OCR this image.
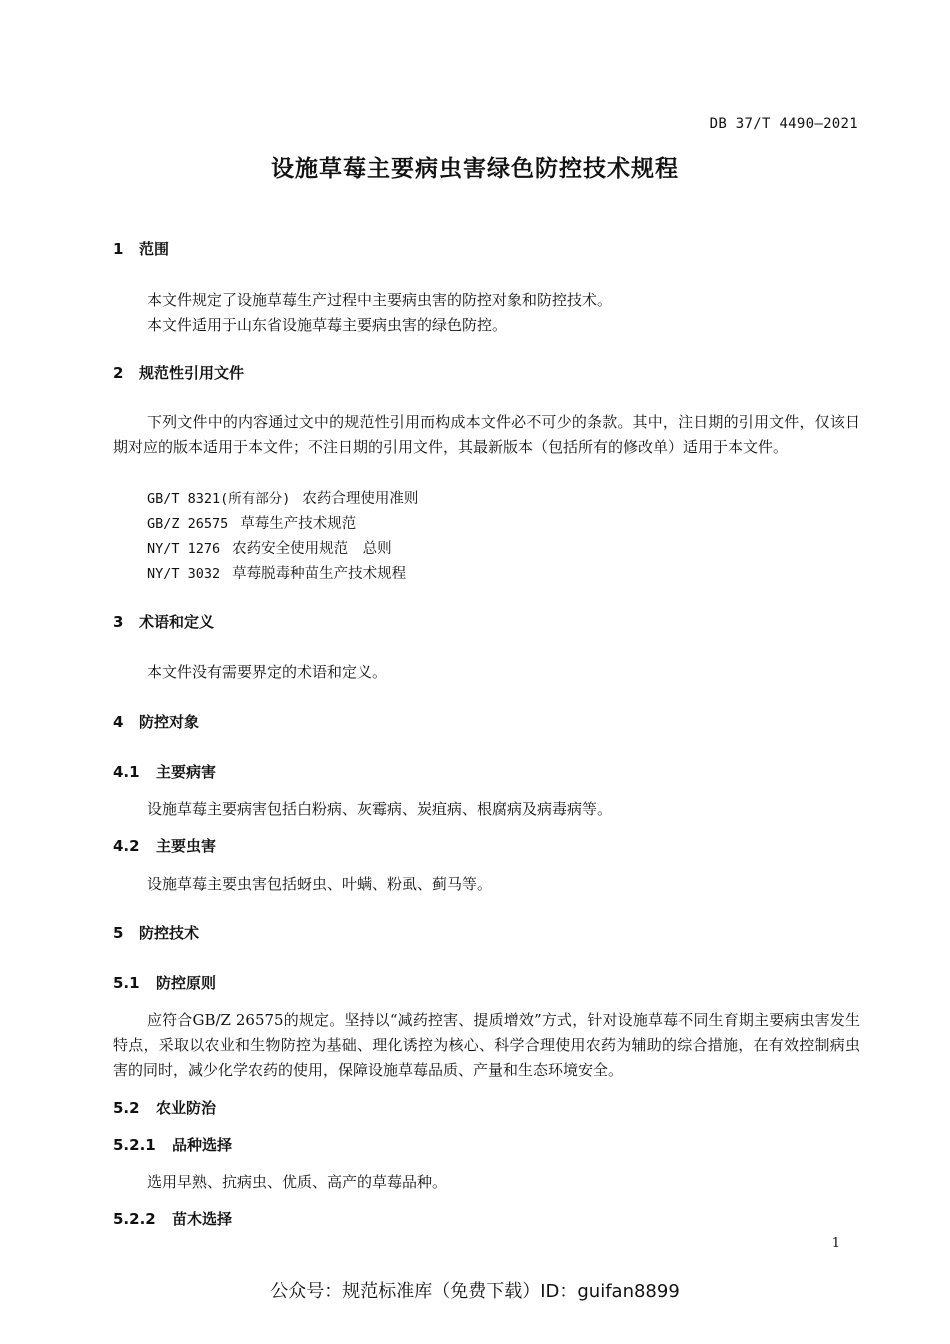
DB 37/T 4490—2021
设施草莓主要病虫害绿色防控技术规程
1 范围
本文件规定了设施草莓生产过程中主要病虫害的防控对象和防控技术。
本文件适用于山东省设施草莓主要病虫害的绿色防控。
2 规范性引用文件
下列文件中的内容通过文中的规范性引用而构成本文件必不可少的条款。其中，注日期的引用文件，仅该日期对应的版本适用于本文件；不注日期的引用文件，其最新版本（包括所有的修改单）适用于本文件。
GB/T 8321(所有部分) 农药合理使用准则
GB/Z 26575 草莓生产技术规范
NY/T 1276 农药安全使用规范　总则
NY/T 3032 草莓脱毒种苗生产技术规程
3 术语和定义
本文件没有需要界定的术语和定义。
4 防控对象
4.1 主要病害
设施草莓主要病害包括白粉病、灰霉病、炭疽病、根腐病及病毒病等。
4.2 主要虫害
设施草莓主要虫害包括蚜虫、叶螨、粉虱、蓟马等。
5 防控技术
5.1 防控原则
应符合GB/Z 26575的规定。坚持以“减药控害、提质增效”方式，针对设施草莓不同生育期主要病虫害发生特点，采取以农业和生物防控为基础、理化诱控为核心、科学合理使用农药为辅助的综合措施，在有效控制病虫害的同时，减少化学农药的使用，保障设施草莓品质、产量和生态环境安全。
5.2 农业防治
5.2.1 品种选择
选用早熟、抗病虫、优质、高产的草莓品种。
5.2.2 苗木选择
1
公众号：规范标准库（免费下载）ID：guifan8899
